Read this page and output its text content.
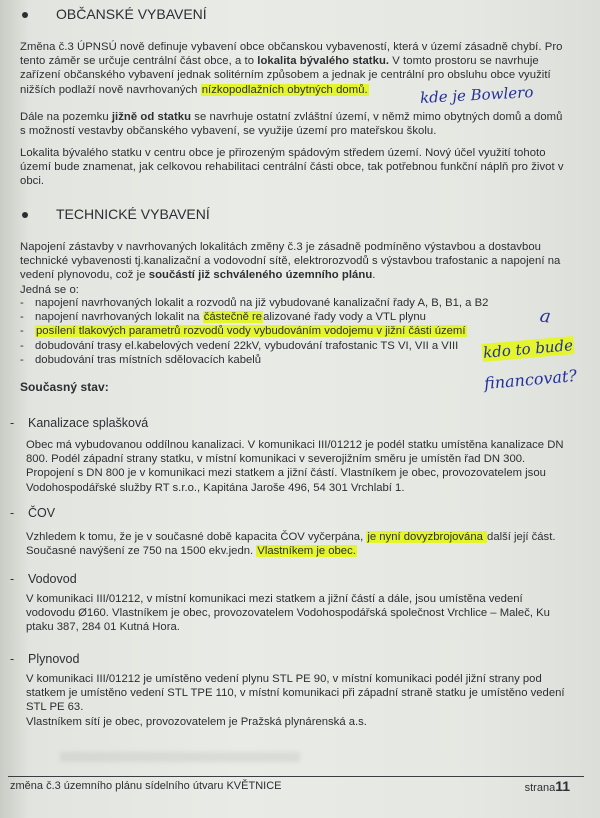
OBČANSKÉ VYBAVENÍ
Změna č.3 ÚPNSÚ nově definuje vybavení obce občanskou vybaveností, která v území zásadně chybí. Pro tento záměr se určuje centrální část obce, a to lokalita bývalého statku. V tomto prostoru se navrhuje zařízení občanského vybavení jednak solitérním způsobem a jednak je centrální pro obsluhu obce využití nižších podlaží nově navrhovaných nízkopodlažních obytných domů.	kde je Bowlero
Dále na pozemku jižně od statku se navrhuje ostatní zvláštní území, v němž mimo obytných domů a domů s možností vestavby občanského vybavení, se využije území pro mateřskou školu.
Lokalita bývalého statku v centru obce je přirozeným spádovým středem území. Nový účel využití tohoto území bude znamenat, jak celkovou rehabilitaci centrální části obce, tak potřebnou funkční náplň pro život v obci.
TECHNICKÉ VYBAVENÍ
Napojení zástavby v navrhovaných lokalitách změny č.3 je zásadně podmíněno výstavbou a dostavbou technické vybavenosti tj.kanalizační a vodovodní sítě, elektrorozvodů s výstavbou trafostanic a napojení na vedení plynovodu, což je součástí již schváleného územního plánu.
Jedná se o:
- napojení navrhovaných lokalit a rozvodů na již vybudované kanalizační řady A, B, B1, a B2
- napojení navrhovaných lokalit na částečně realizované řady vody a VTL plynu
- posílení tlakových parametrů rozvodů vody vybudováním vodojemu v jižní části území
- dobudování trasy el.kabelových vedení 22kV, vybudování trafostanic TS VI, VII a VIII
- dobudování tras místních sdělovacích kabelů
a
kdo to bude
financovat?
Současný stav:
- Kanalizace splašková
Obec má vybudovanou oddílnou kanalizaci. V komunikaci III/01212 je podél statku umístěna kanalizace DN 800. Podél západní strany statku, v místní komunikaci v severojižním směru je umístěn řad DN 300. Propojení s DN 800 je v komunikaci mezi statkem a jižní částí. Vlastníkem je obec, provozovatelem jsou Vodohospodářské služby RT s.r.o., Kapitána Jaroše 496, 54 301 Vrchlabí 1.
- ČOV
Vzhledem k tomu, že je v současné době kapacita ČOV vyčerpána, je nyní dovyzbrojována další její část. Současné navýšení ze 750 na 1500 ekv.jedn. Vlastníkem je obec.
- Vodovod
V komunikaci III/01212, v místní komunikaci mezi statkem a jižní částí a dále, jsou umístěna vedení vodovodu Ø160. Vlastníkem je obec, provozovatelem Vodohospodářská společnost Vrchlice – Maleč, Ku ptaku 387, 284 01 Kutná Hora.
- Plynovod
V komunikaci III/01212 je umístěno vedení plynu STL PE 90, v místní komunikaci podél jižní strany pod statkem je umístěno vedení STL TPE 110, v místní komunikaci při západní straně statku je umístěno vedení STL PE 63.
Vlastníkem sítí je obec, provozovatelem je Pražská plynárenská a.s.
změna č.3 územního plánu sídelního útvaru KVĚTNICE	strana11
